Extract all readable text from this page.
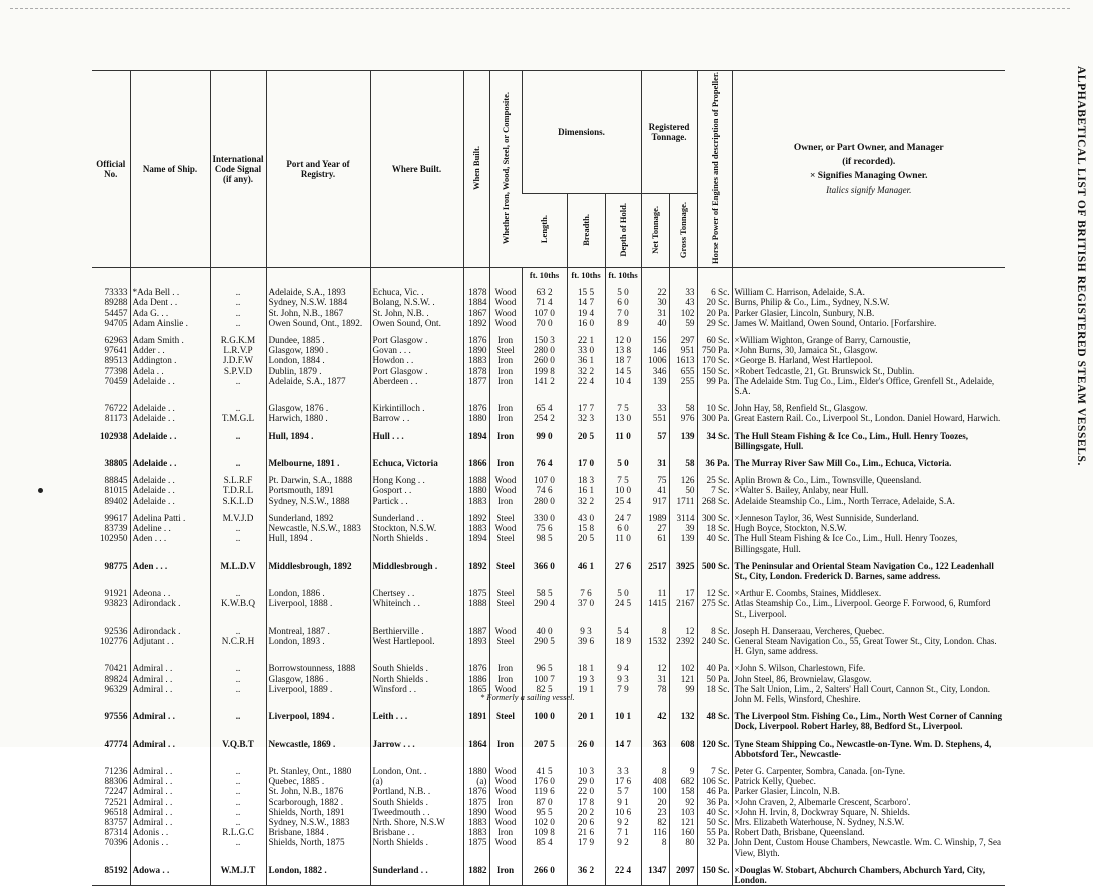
Official No.	Name of Ship.	International Code Signal (if any).	Port and Year of Registry.	Where Built.	When Built.	Whether Iron, Wood, Steel, or Composite.	Dimensions.			Registered Tonnage.		Horse Power of Engines and description of Propeller.	Owner, or Part Owner, and Manager
(if recorded).
× Signifies Managing Owner.
Italics signify Manager.

							Length.	Breadth.	Depth of Hold.	Net Tonnage.	Gross Tonnage.		
							ft. 10ths	ft. 10ths	ft. 10ths				

73333	*Ada Bell . .	..	Adelaide, S.A., 1893	Echuca, Vic. .	1878	Wood	63 2	15 5	5 0	22	33	6 Sc.	William C. Harrison, Adelaide, S.A.
89288	Ada Dent . .	..	Sydney, N.S.W. 1884	Bolang, N.S.W. .	1884	Wood	71 4	14 7	6 0	30	43	20 Sc.	Burns, Philip & Co., Lim., Sydney, N.S.W.
54457	Ada G. . .	..	St. John, N.B., 1867	St. John, N.B. .	1867	Wood	107 0	19 4	7 0	31	102	20 Pa.	Parker Glasier, Lincoln, Sunbury, N.B.
94705	Adam Ainslie .	..	Owen Sound, Ont., 1892.	Owen Sound, Ont.	1892	Wood	70 0	16 0	8 9	40	59	29 Sc.	James W. Maitland, Owen Sound, Ontario. [Forfarshire.

62963	Adam Smith .	R.G.K.M	Dundee, 1885 .	Port Glasgow .	1876	Iron	150 3	22 1	12 0	156	297	60 Sc.	×William Wighton, Grange of Barry, Carnoustie,
97641	Adder . .	L.R.V.P	Glasgow, 1890 .	Govan . . .	1890	Steel	280 0	33 0	13 8	146	951	750 Pa.	×John Burns, 30, Jamaica St., Glasgow.
89513	Addington .	J.D.F.W	London, 1884 .	Howdon . .	1883	Iron	260 0	36 1	18 7	1006	1613	170 Sc.	×George B. Harland, West Hartlepool.
77398	Adela . .	S.P.V.D	Dublin, 1879 .	Port Glasgow .	1878	Iron	199 8	32 2	14 5	346	655	150 Sc.	×Robert Tedcastle, 21, Gt. Brunswick St., Dublin.
70459	Adelaide . .	..	Adelaide, S.A., 1877	Aberdeen . .	1877	Iron	141 2	22 4	10 4	139	255	99 Pa.	The Adelaide Stm. Tug Co., Lim., Elder's Office, Grenfell St., Adelaide, S.A.

76722	Adelaide . .	..	Glasgow, 1876 .	Kirkintilloch .	1876	Iron	65 4	17 7	7 5	33	58	10 Sc.	John Hay, 58, Renfield St., Glasgow.
81173	Adelaide . .	T.M.G.L	Harwich, 1880 .	Barrow . .	1880	Iron	254 2	32 3	13 0	551	976	300 Pa.	Great Eastern Rail. Co., Liverpool St., London. Daniel Howard, Harwich.

102938	Adelaide . .	..	Hull, 1894 .	Hull . . .	1894	Iron	99 0	20 5	11 0	57	139	34 Sc.	The Hull Steam Fishing & Ice Co., Lim., Hull. Henry Toozes, Billingsgate, Hull.

38805	Adelaide . .	..	Melbourne, 1891 .	Echuca, Victoria	1866	Iron	76 4	17 0	5 0	31	58	36 Pa.	The Murray River Saw Mill Co., Lim., Echuca, Victoria.

88845	Adelaide . .	S.L.R.F	Pt. Darwin, S.A., 1888	Hong Kong . .	1888	Wood	107 0	18 3	7 5	75	126	25 Sc.	Aplin Brown & Co., Lim., Townsville, Queensland.
81015	Adelaide . .	T.D.R.L	Portsmouth, 1891	Gosport . .	1880	Wood	74 6	16 1	10 0	41	50	7 Sc.	×Walter S. Bailey, Anlaby, near Hull.
89402	Adelaide . .	S.K.L.D	Sydney, N.S.W., 1888	Partick . .	1883	Iron	280 0	32 2	25 4	917	1711	268 Sc.	Adelaide Steamship Co., Lim., North Terrace, Adelaide, S.A.

99617	Adelina Patti .	M.V.J.D	Sunderland, 1892	Sunderland . .	1892	Steel	330 0	43 0	24 7	1989	3114	300 Sc.	×Jenneson Taylor, 36, West Sunniside, Sunderland.
83739	Adeline . .	..	Newcastle, N.S.W., 1883	Stockton, N.S.W.	1883	Wood	75 6	15 8	6 0	27	39	18 Sc.	Hugh Boyce, Stockton, N.S.W.
102950	Aden . . .	..	Hull, 1894 .	North Shields .	1894	Steel	98 5	20 5	11 0	61	139	40 Sc.	The Hull Steam Fishing & Ice Co., Lim., Hull. Henry Toozes, Billingsgate, Hull.

98775	Aden . . .	M.L.D.V	Middlesbrough, 1892	Middlesbrough .	1892	Steel	366 0	46 1	27 6	2517	3925	500 Sc.	The Peninsular and Oriental Steam Navigation Co., 122 Leadenhall St., City, London. Frederick D. Barnes, same address.

91921	Adeona . .	..	London, 1886 .	Chertsey . .	1875	Steel	58 5	7 6	5 0	11	17	12 Sc.	×Arthur E. Coombs, Staines, Middlesex.
93823	Adirondack .	K.W.B.Q	Liverpool, 1888 .	Whiteinch . .	1888	Steel	290 4	37 0	24 5	1415	2167	275 Sc.	Atlas Steamship Co., Lim., Liverpool. George F. Forwood, 6, Rumford St., Liverpool.

92536	Adirondack .	..	Montreal, 1887 .	Berthierville .	1887	Wood	40 0	9 3	5 4	8	12	8 Sc.	Joseph H. Danseraau, Vercheres, Quebec.
102776	Adjutant . .	N.C.R.H	London, 1893 .	West Hartlepool.	1893	Steel	290 5	39 6	18 9	1532	2392	240 Sc.	General Steam Navigation Co., 55, Great Tower St., City, London. Chas. H. Glyn, same address.

70421	Admiral . .	..	Borrowstounness, 1888	South Shields .	1876	Iron	96 5	18 1	9 4	12	102	40 Pa.	×John S. Wilson, Charlestown, Fife.
89824	Admiral . .	..	Glasgow, 1886 .	North Shields .	1886	Iron	100 7	19 3	9 3	31	121	50 Pa.	John Steel, 86, Brownielaw, Glasgow.
96329	Admiral . .	..	Liverpool, 1889 .	Winsford . .	1865	Wood	82 5	19 1	7 9	78	99	18 Sc.	The Salt Union, Lim., 2, Salters' Hall Court, Cannon St., City, London. John M. Fells, Winsford, Cheshire.

97556	Admiral . .	..	Liverpool, 1894 .	Leith . . .	1891	Steel	100 0	20 1	10 1	42	132	48 Sc.	The Liverpool Stm. Fishing Co., Lim., North West Corner of Canning Dock, Liverpool. Robert Harley, 88, Bedford St., Liverpool.

47774	Admiral . .	V.Q.B.T	Newcastle, 1869 .	Jarrow . . .	1864	Iron	207 5	26 0	14 7	363	608	120 Sc.	Tyne Steam Shipping Co., Newcastle-on-Tyne. Wm. D. Stephens, 4, Abbotsford Ter., Newcastle-

71236	Admiral . .	..	Pt. Stanley, Ont., 1880	London, Ont. .	1880	Wood	41 5	10 3	3 3	8	9	7 Sc.	Peter G. Carpenter, Sombra, Canada. [on-Tyne.
88306	Admiral . .	..	Quebec, 1885 .	(a)	(a)	Wood	176 0	29 0	17 6	408	682	106 Sc.	Patrick Kelly, Quebec.
72247	Admiral . .	..	St. John, N.B., 1876	Portland, N.B. .	1876	Wood	119 6	22 0	5 7	100	158	46 Pa.	Parker Glasier, Lincoln, N.B.
72521	Admiral . .	..	Scarborough, 1882 .	South Shields .	1875	Iron	87 0	17 8	9 1	20	92	36 Pa.	×John Craven, 2, Albemarle Crescent, Scarboro'.
96518	Admiral . .	..	Shields, North, 1891	Tweedmouth . .	1890	Wood	95 5	20 2	10 6	23	103	40 Sc.	×John H. Irvin, 8, Dockwray Square, N. Shields.
83757	Admiral . .	..	Sydney, N.S.W., 1883	Nrth. Shore, N.S.W	1883	Wood	102 0	20 6	9 2	82	121	50 Sc.	Mrs. Elizabeth Waterhouse, N. Sydney, N.S.W.
87314	Adonis . .	R.L.G.C	Brisbane, 1884 .	Brisbane . .	1883	Iron	109 8	21 6	7 1	116	160	55 Pa.	Robert Dath, Brisbane, Queensland.
70396	Adonis . .	..	Shields, North, 1875	North Shields .	1875	Wood	85 4	17 9	9 2	8	80	32 Pa.	John Dent, Custom House Chambers, Newcastle. Wm. C. Winship, 7, Sea View, Blyth.

85192	Adowa . .	W.M.J.T	London, 1882 .	Sunderland . .	1882	Iron	266 0	36 2	22 4	1347	2097	150 Sc.	×Douglas W. Stobart, Abchurch Chambers, Abchurch Yard, City, London.
* Formerly a sailing vessel.
ALPHABETICAL LIST OF BRITISH REGISTERED STEAM VESSELS.
